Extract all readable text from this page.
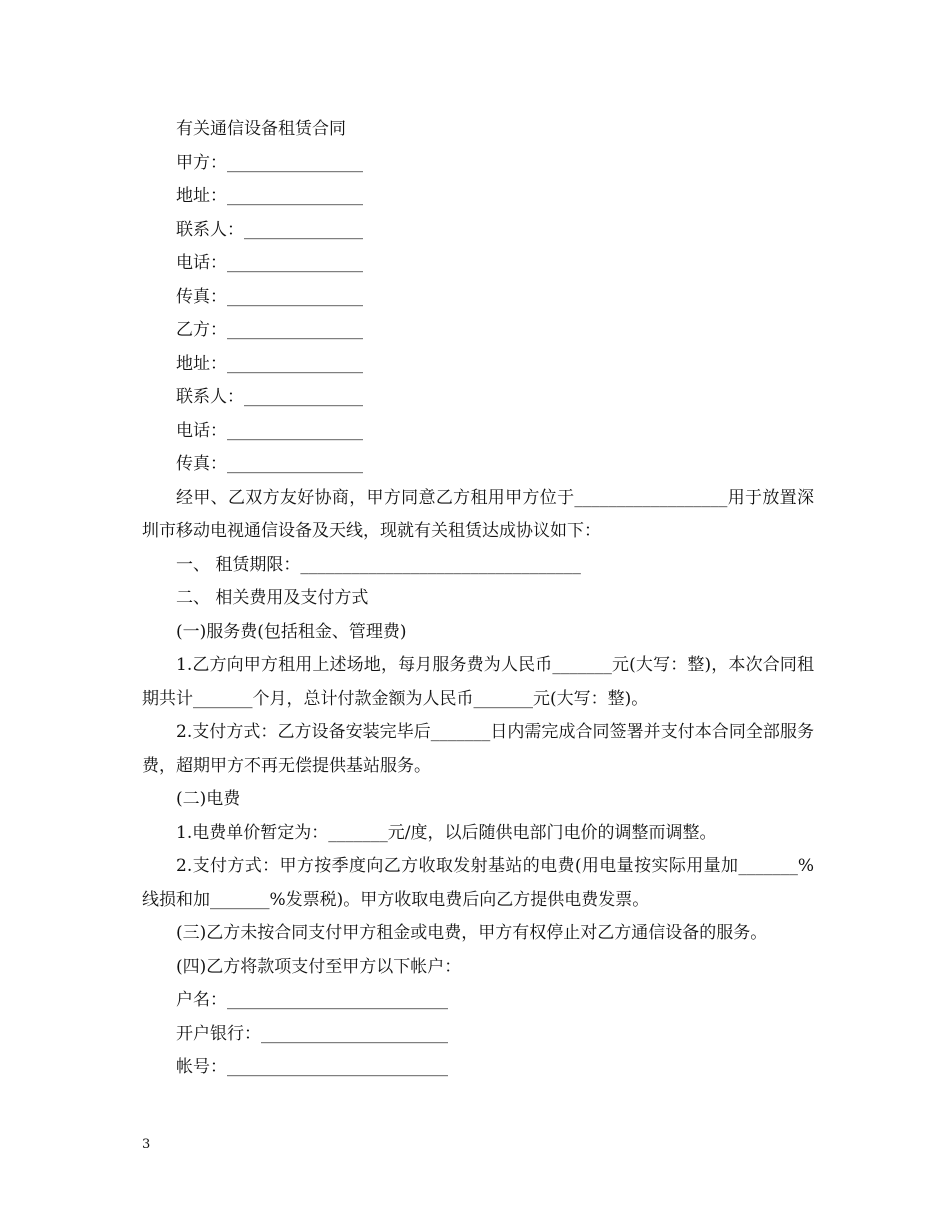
有关通信设备租赁合同
甲方：________________
地址：________________
联系人：______________
电话：________________
传真：________________
乙方：________________
地址：________________
联系人：______________
电话：________________
传真：________________

经甲、乙双方友好协商，甲方同意乙方租用甲方位于__________________用于放置深圳市移动电视通信设备及天线，现就有关租赁达成协议如下：

一、 租赁期限：_________________________________
二、 相关费用及支付方式
(一)服务费(包括租金、管理费)

1.乙方向甲方租用上述场地，每月服务费为人民币_______元(大写：整)，本次合同租期共计_______个月，总计付款金额为人民币_______元(大写：整)。

2.支付方式：乙方设备安装完毕后_______日内需完成合同签署并支付本合同全部服务费，超期甲方不再无偿提供基站服务。

(二)电费
1.电费单价暂定为：_______元/度，以后随供电部门电价的调整而调整。

2.支付方式：甲方按季度向乙方收取发射基站的电费(用电量按实际用量加_______%线损和加_______%发票税)。甲方收取电费后向乙方提供电费发票。

(三)乙方未按合同支付甲方租金或电费，甲方有权停止对乙方通信设备的服务。
(四)乙方将款项支付至甲方以下帐户：
户名：__________________________
开户银行：______________________
帐号：__________________________
3
